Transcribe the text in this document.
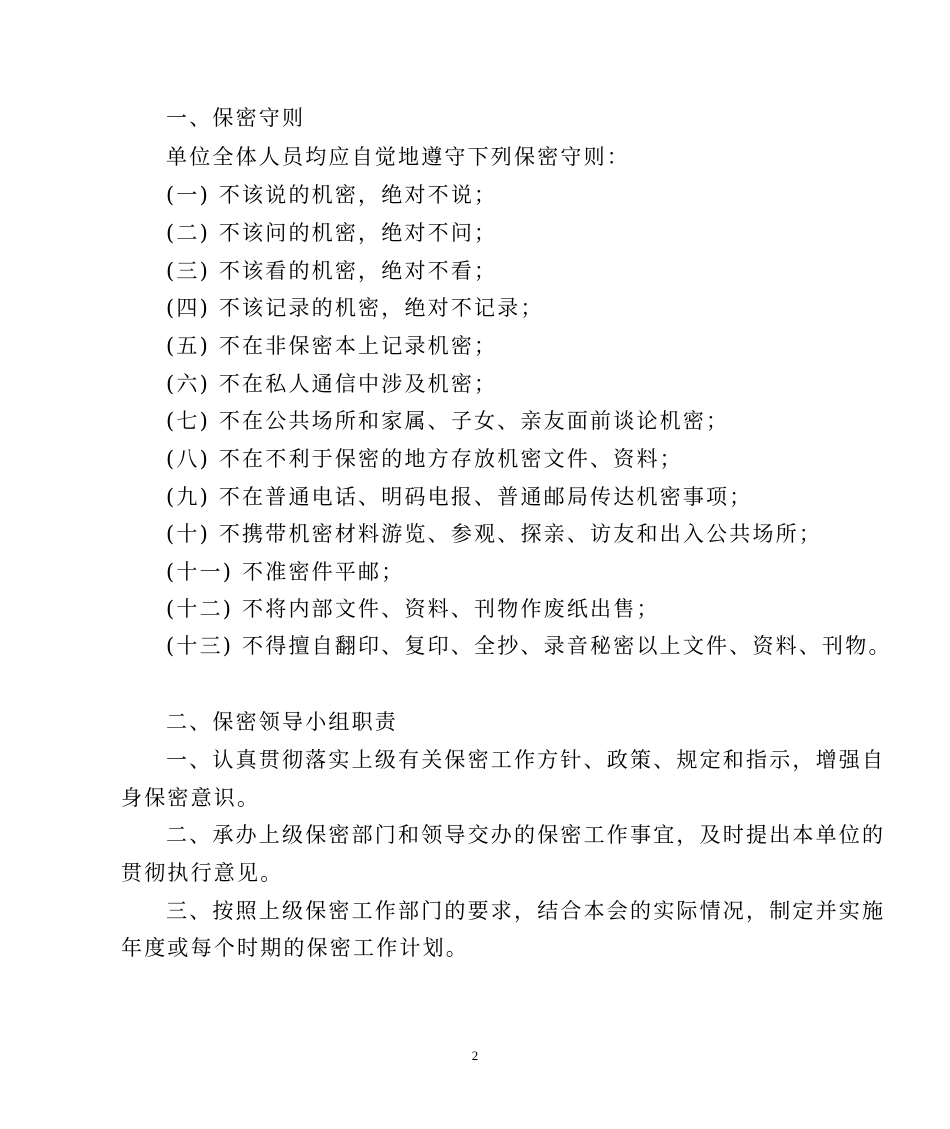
一、保密守则
单位全体人员均应自觉地遵守下列保密守则：
(一) 不该说的机密，绝对不说；
(二) 不该问的机密，绝对不问；
(三) 不该看的机密，绝对不看；
(四) 不该记录的机密，绝对不记录；
(五) 不在非保密本上记录机密；
(六) 不在私人通信中涉及机密；
(七) 不在公共场所和家属、子女、亲友面前谈论机密；
(八) 不在不利于保密的地方存放机密文件、资料；
(九) 不在普通电话、明码电报、普通邮局传达机密事项；
(十) 不携带机密材料游览、参观、探亲、访友和出入公共场所；
(十一) 不准密件平邮；
(十二) 不将内部文件、资料、刊物作废纸出售；
(十三) 不得擅自翻印、复印、全抄、录音秘密以上文件、资料、刊物。
二、保密领导小组职责
一、认真贯彻落实上级有关保密工作方针、政策、规定和指示，增强自
身保密意识。
二、承办上级保密部门和领导交办的保密工作事宜，及时提出本单位的
贯彻执行意见。
三、按照上级保密工作部门的要求，结合本会的实际情况，制定并实施
年度或每个时期的保密工作计划。
2
